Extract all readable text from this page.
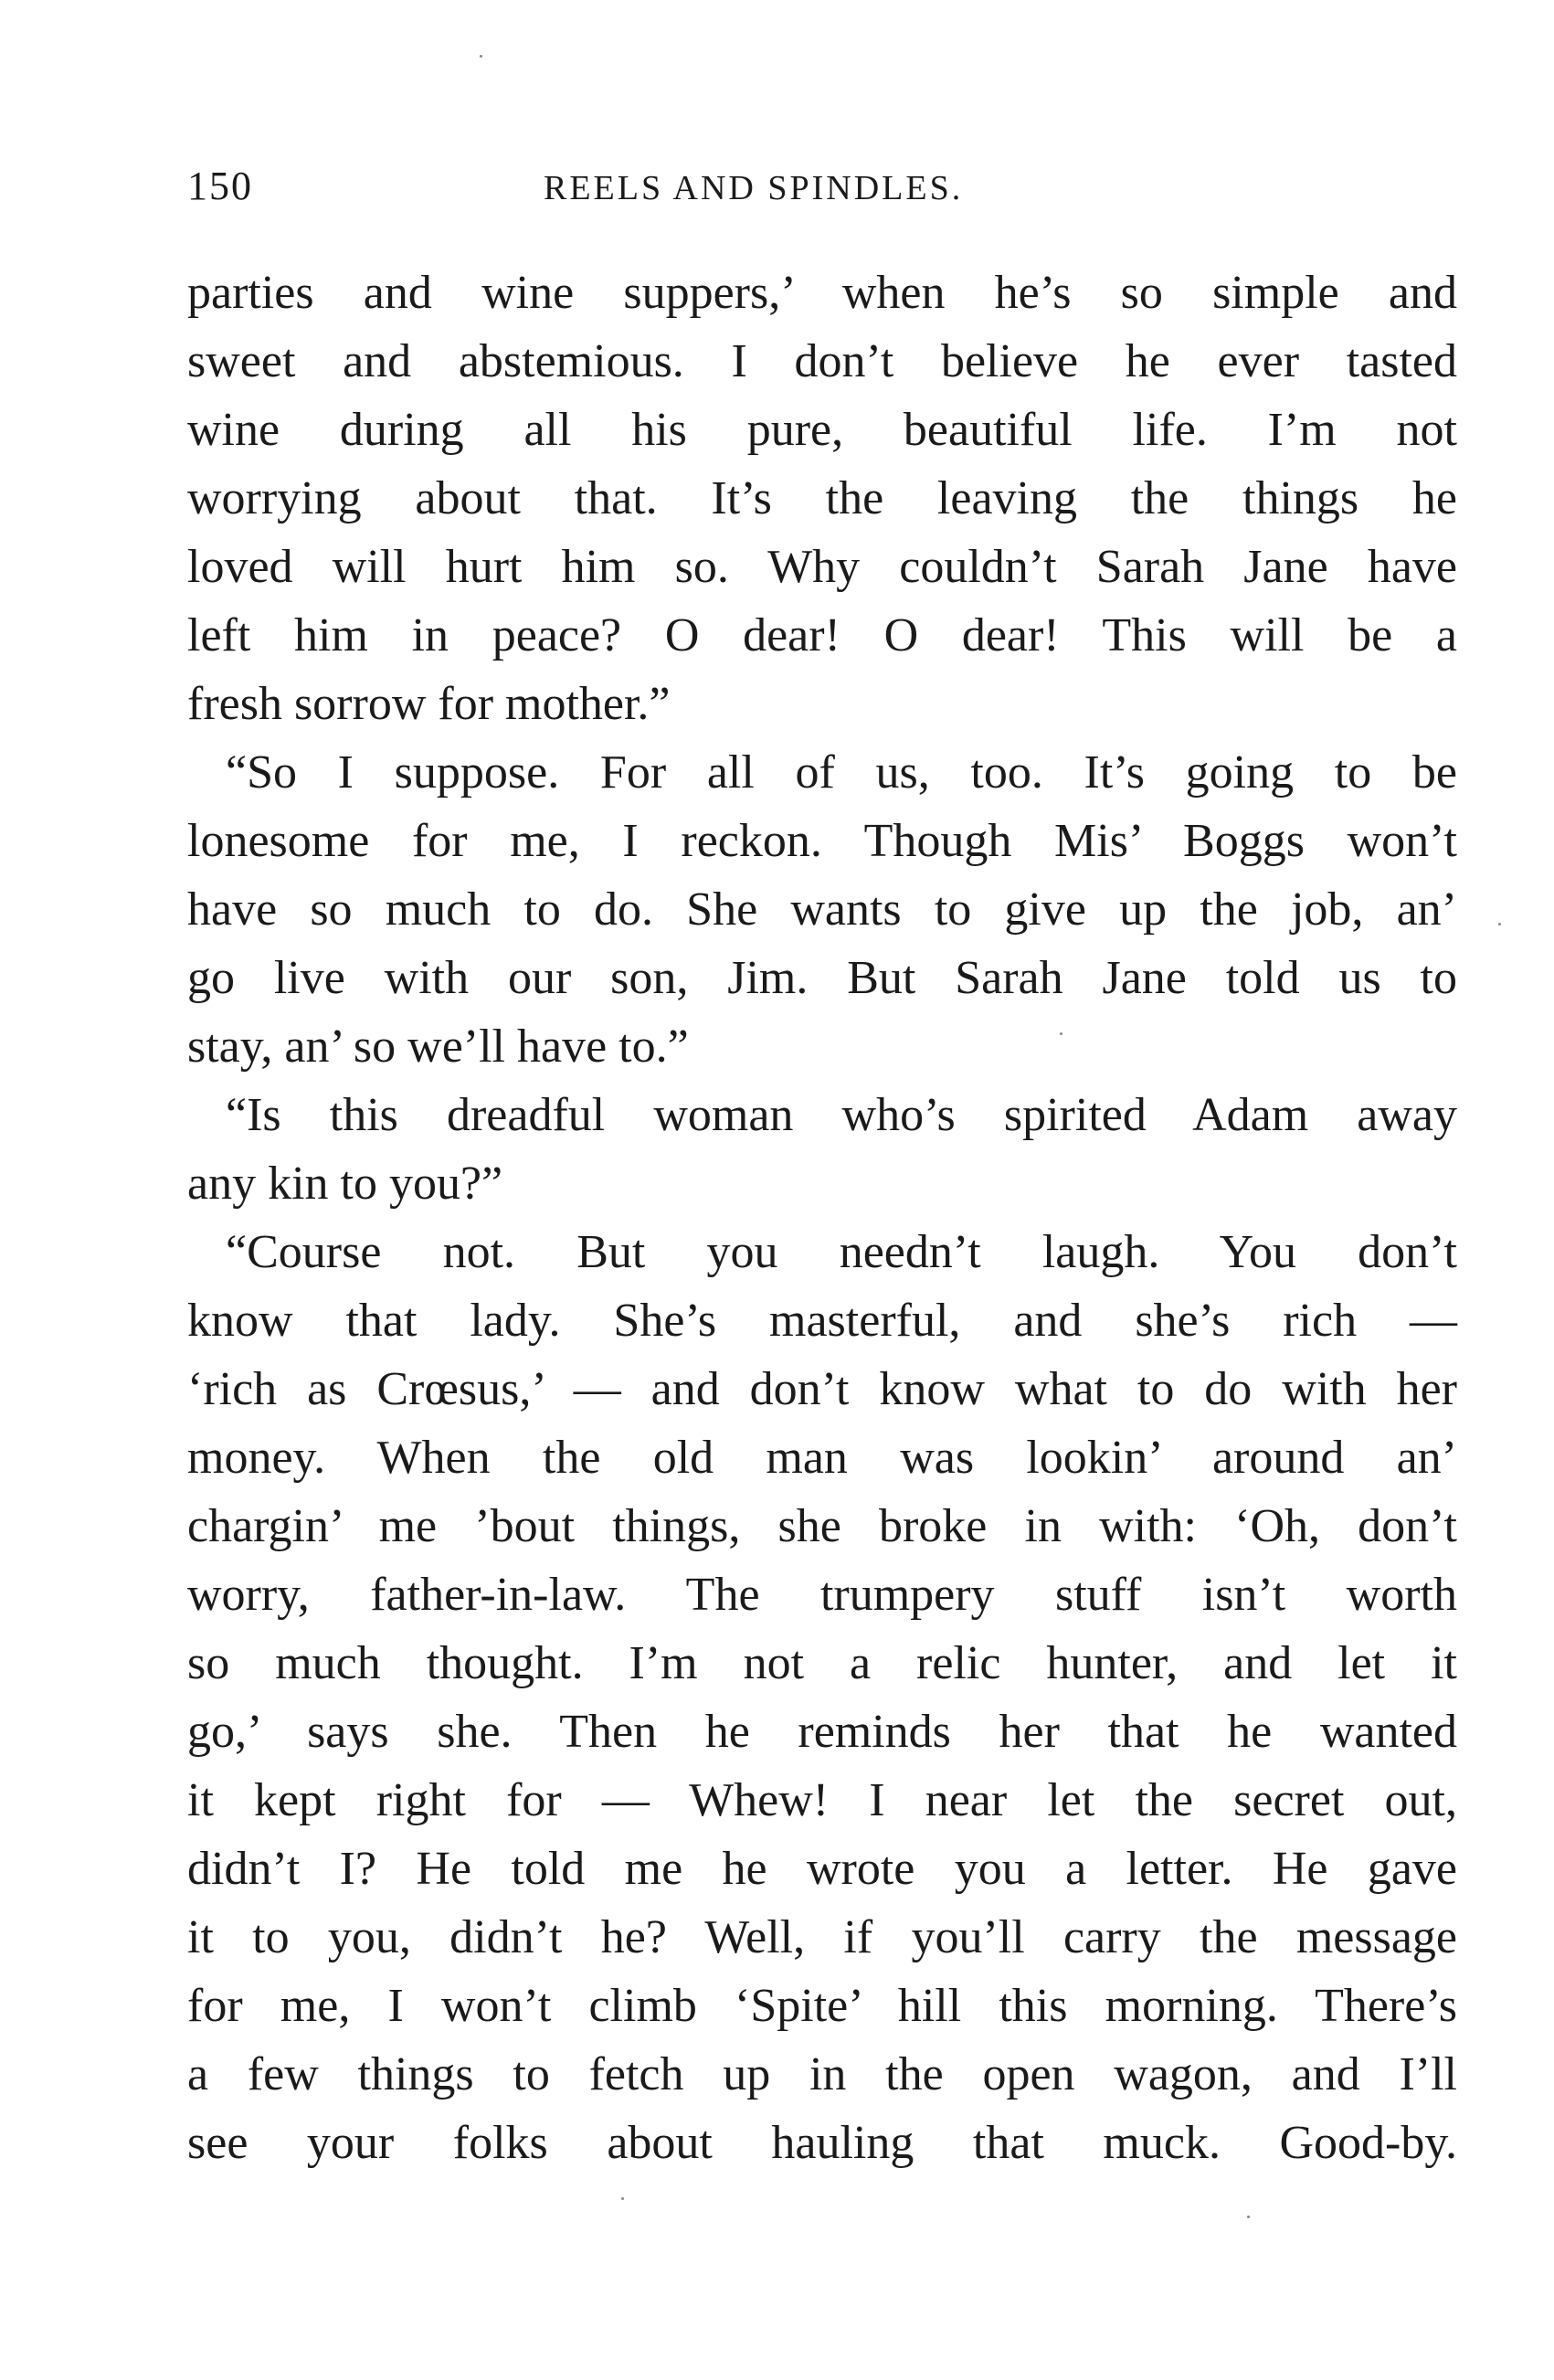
150	REELS AND SPINDLES.
parties and wine suppers,’ when he’s so simple and
sweet and abstemious. I don’t believe he ever tasted
wine during all his pure, beautiful life. I’m not
worrying about that. It’s the leaving the things he
loved will hurt him so. Why couldn’t Sarah Jane have
left him in peace? O dear! O dear! This will be a
fresh sorrow for mother.”
“So I suppose. For all of us, too. It’s going to be
lonesome for me, I reckon. Though Mis’ Boggs won’t
have so much to do. She wants to give up the job, an’
go live with our son, Jim. But Sarah Jane told us to
stay, an’ so we’ll have to.”
“Is this dreadful woman who’s spirited Adam away
any kin to you?”
“Course not. But you needn’t laugh. You don’t
know that lady. She’s masterful, and she’s rich —
‘rich as Crœsus,’ — and don’t know what to do with her
money. When the old man was lookin’ around an’
chargin’ me ’bout things, she broke in with: ‘Oh, don’t
worry, father-in-law. The trumpery stuff isn’t worth
so much thought. I’m not a relic hunter, and let it
go,’ says she. Then he reminds her that he wanted
it kept right for — Whew! I near let the secret out,
didn’t I? He told me he wrote you a letter. He gave
it to you, didn’t he? Well, if you’ll carry the message
for me, I won’t climb ‘Spite’ hill this morning. There’s
a few things to fetch up in the open wagon, and I’ll
see your folks about hauling that muck. Good-by.
